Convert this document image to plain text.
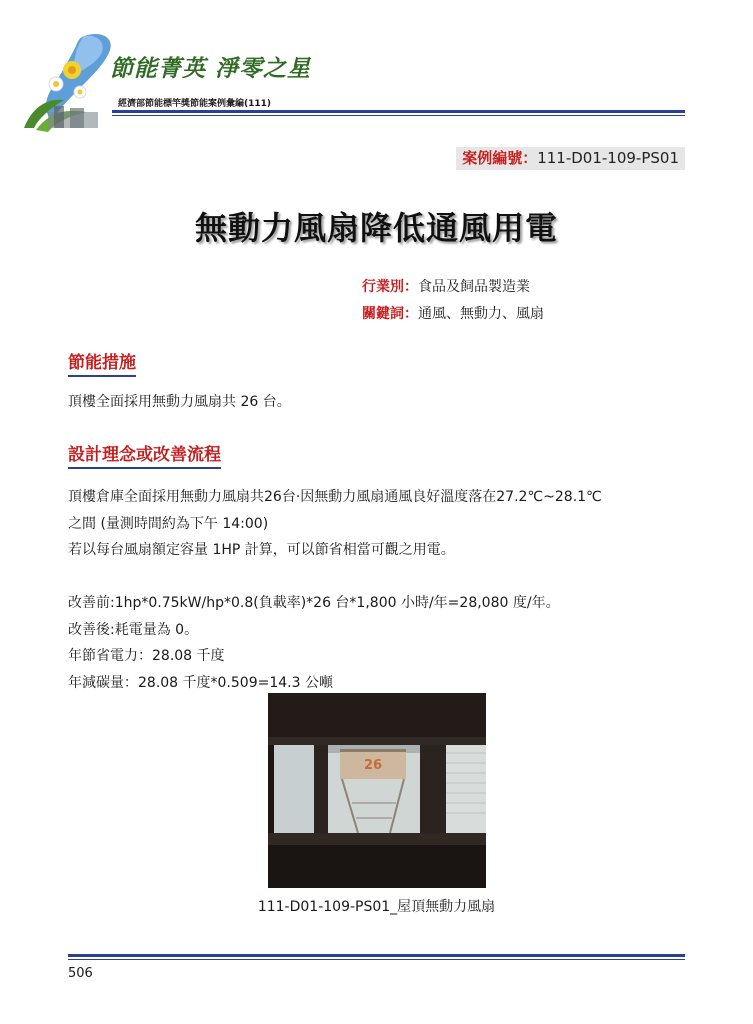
節能菁英 淨零之星
經濟部節能標竿獎節能案例彙編(111)
案例編號：111-D01-109-PS01
無動力風扇降低通風用電
行業別：食品及飼品製造業
關鍵詞：通風、無動力、風扇
節能措施
頂樓全面採用無動力風扇共 26 台。
設計理念或改善流程
頂樓倉庫全面採用無動力風扇共26台·因無動力風扇通風良好溫度落在27.2℃~28.1℃
之間 (量測時間約為下午 14:00)
若以每台風扇額定容量 1HP 計算，可以節省相當可觀之用電。
改善前:1hp*0.75kW/hp*0.8(負載率)*26 台*1,800 小時/年=28,080 度/年。
改善後:耗電量為 0。
年節省電力：28.08 千度
年減碳量：28.08 千度*0.509=14.3 公噸
26
111-D01-109-PS01_屋頂無動力風扇
506
